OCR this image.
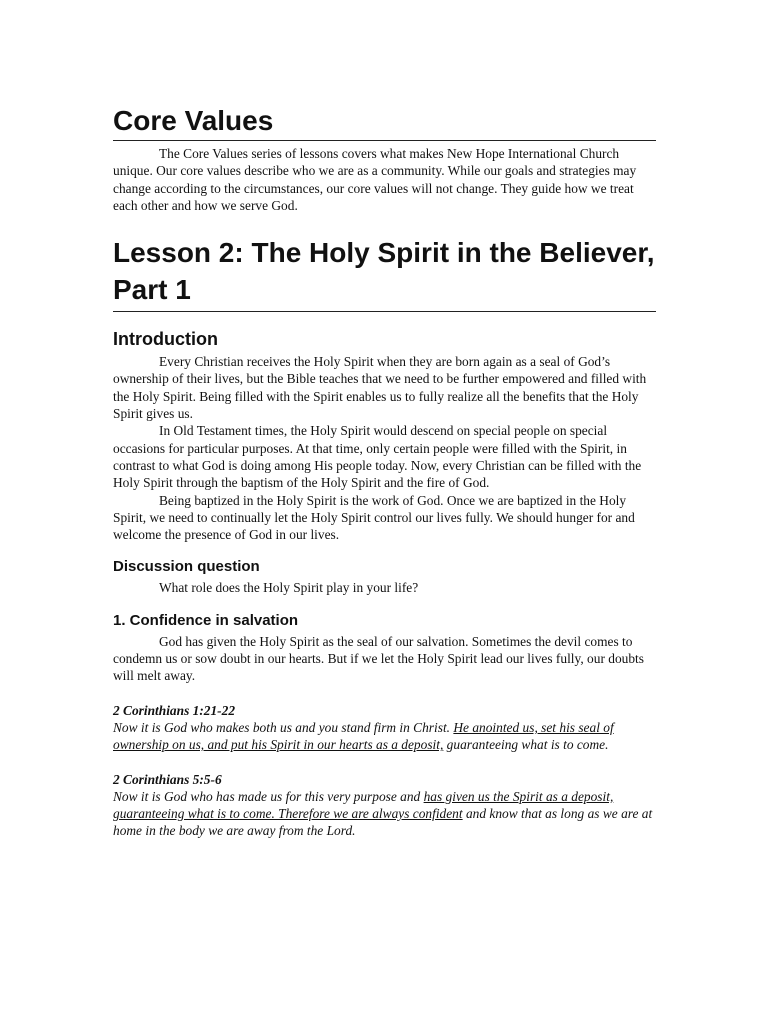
Core Values

The Core Values series of lessons covers what makes New Hope International Church unique. Our core values describe who we are as a community. While our goals and strategies may change according to the circumstances, our core values will not change. They guide how we treat each other and how we serve God.

Lesson 2: The Holy Spirit in the Believer, Part 1
Introduction

Every Christian receives the Holy Spirit when they are born again as a seal of God’s ownership of their lives, but the Bible teaches that we need to be further empowered and filled with the Holy Spirit. Being filled with the Spirit enables us to fully realize all the benefits that the Holy Spirit gives us.

In Old Testament times, the Holy Spirit would descend on special people on special occasions for particular purposes. At that time, only certain people were filled with the Spirit, in contrast to what God is doing among His people today. Now, every Christian can be filled with the Holy Spirit through the baptism of the Holy Spirit and the fire of God.

Being baptized in the Holy Spirit is the work of God. Once we are baptized in the Holy Spirit, we need to continually let the Holy Spirit control our lives fully. We should hunger for and welcome the presence of God in our lives.

Discussion question

What role does the Holy Spirit play in your life?

1. Confidence in salvation

God has given the Holy Spirit as the seal of our salvation. Sometimes the devil comes to condemn us or sow doubt in our hearts. But if we let the Holy Spirit lead our lives fully, our doubts will melt away.

2 Corinthians 1:21-22
Now it is God who makes both us and you stand firm in Christ. He anointed us, set his seal of ownership on us, and put his Spirit in our hearts as a deposit, guaranteeing what is to come.
2 Corinthians 5:5-6
Now it is God who has made us for this very purpose and has given us the Spirit as a deposit, guaranteeing what is to come. Therefore we are always confident and know that as long as we are at home in the body we are away from the Lord.
